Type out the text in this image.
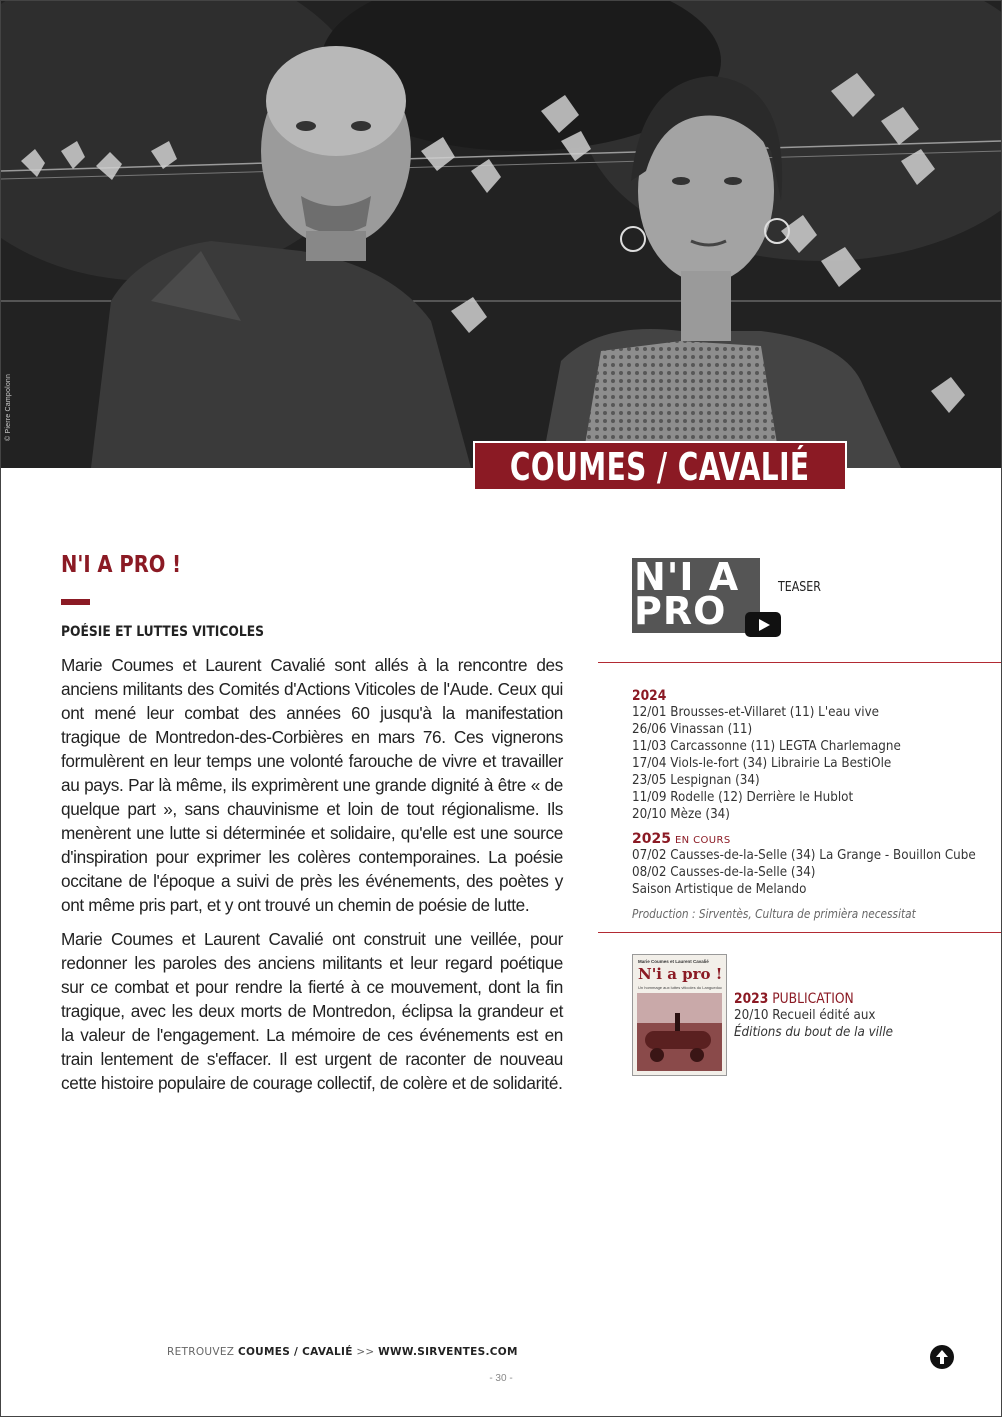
© Pierre Campolonn
COUMES / CAVALIÉ
N'I A PRO !
POÉSIE ET LUTTES VITICOLES

Marie Coumes et Laurent Cavalié sont allés à la rencontre des anciens militants des Comités d'Actions Viticoles de l'Aude. Ceux qui ont mené leur combat des années 60 jusqu'à la manifestation tragique de Montredon-des-Corbières en mars 76. Ces vignerons formulèrent en leur temps une volonté farouche de vivre et travailler au pays. Par là même, ils exprimèrent une grande dignité à être « de quelque part », sans chauvinisme et loin de tout régionalisme. Ils menèrent une lutte si déterminée et solidaire, qu'elle est une source d'inspiration pour exprimer les colères contemporaines. La poésie occitane de l'époque a suivi de près les événements, des poètes y ont même pris part, et y ont trouvé un chemin de poésie de lutte.

Marie Coumes et Laurent Cavalié ont construit une veillée, pour redonner les paroles des anciens militants et leur regard poétique sur ce combat et pour rendre la fierté à ce mouvement, dont la fin tragique, avec les deux morts de Montredon, éclipsa la grandeur et la valeur de l'engagement. La mémoire de ces événements est en train lentement de s'effacer. Il est urgent de raconter de nouveau cette histoire populaire de courage collectif, de colère et de solidarité.

N'I A
PRO
TEASER
2024
12/01 Brousses-et-Villaret (11) L'eau vive
26/06 Vinassan (11)
11/03 Carcassonne (11) LEGTA Charlemagne
17/04 Viols-le-fort (34) Librairie La BestiOle
23/05 Lespignan (34)
11/09 Rodelle (12) Derrière le Hublot
20/10 Mèze (34)
2025 EN COURS
07/02 Causses-de-la-Selle (34) La Grange - Bouillon Cube
08/02 Causses-de-la-Selle (34)
Saison Artistique de Melando
Production : Sirventès, Cultura de primièra necessitat
Marie Coumes et Laurent Cavalié
N'i a pro !
Un hommage aux luttes viticoles du Languedoc
2023 PUBLICATION
20/10 Recueil édité aux
Éditions du bout de la ville
RETROUVEZ COUMES / CAVALIÉ >> WWW.SIRVENTES.COM
- 30 -
